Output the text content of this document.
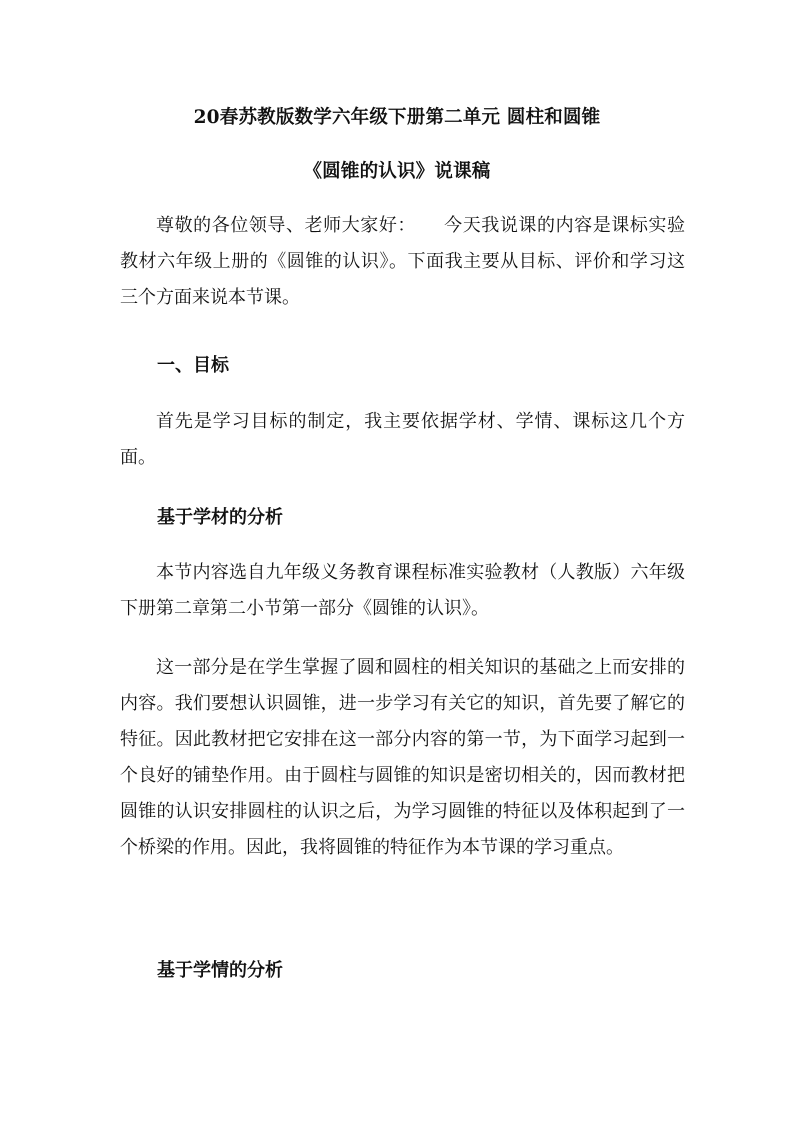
20春苏教版数学六年级下册第二单元 圆柱和圆锥
《圆锥的认识》说课稿
尊敬的各位领导、老师大家好：　　今天我说课的内容是课标实验教材六年级上册的《圆锥的认识》。下面我主要从目标、评价和学习这三个方面来说本节课。
一、目标
首先是学习目标的制定，我主要依据学材、学情、课标这几个方面。
基于学材的分析
本节内容选自九年级义务教育课程标准实验教材（人教版）六年级下册第二章第二小节第一部分《圆锥的认识》。
这一部分是在学生掌握了圆和圆柱的相关知识的基础之上而安排的内容。我们要想认识圆锥，进一步学习有关它的知识，首先要了解它的特征。因此教材把它安排在这一部分内容的第一节，为下面学习起到一个良好的铺垫作用。由于圆柱与圆锥的知识是密切相关的，因而教材把圆锥的认识安排圆柱的认识之后，为学习圆锥的特征以及体积起到了一个桥梁的作用。因此，我将圆锥的特征作为本节课的学习重点。
基于学情的分析
